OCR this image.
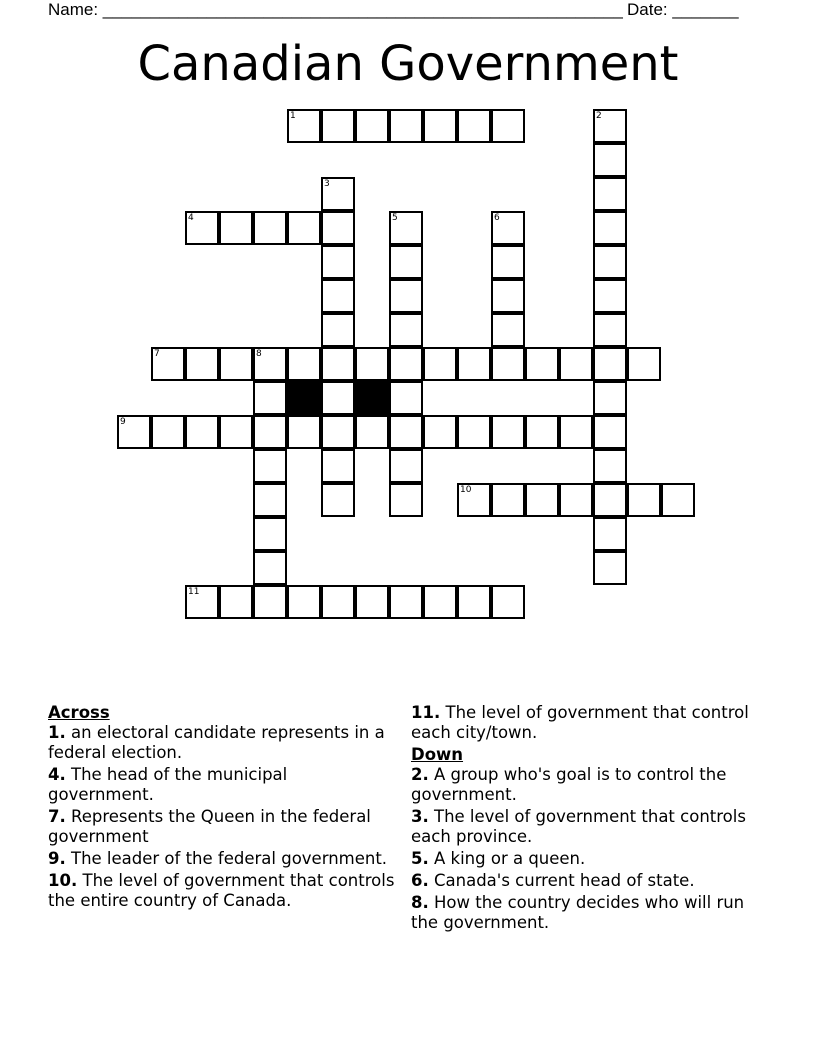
Name: _______________________________________________________ Date: _______
Canadian Government
1	2
3
4	5	6
7	8
9
10
11

Across

1. an electoral candidate represents in a federal election.

4. The head of the municipal government.

7. Represents the Queen in the federal government

9. The leader of the federal government.

10. The level of government that controls the entire country of Canada.

11. The level of government that control each city/town.

Down

2. A group who's goal is to control the government.

3. The level of government that controls each province.

5. A king or a queen.

6. Canada's current head of state.

8. How the country decides who will run the government.
